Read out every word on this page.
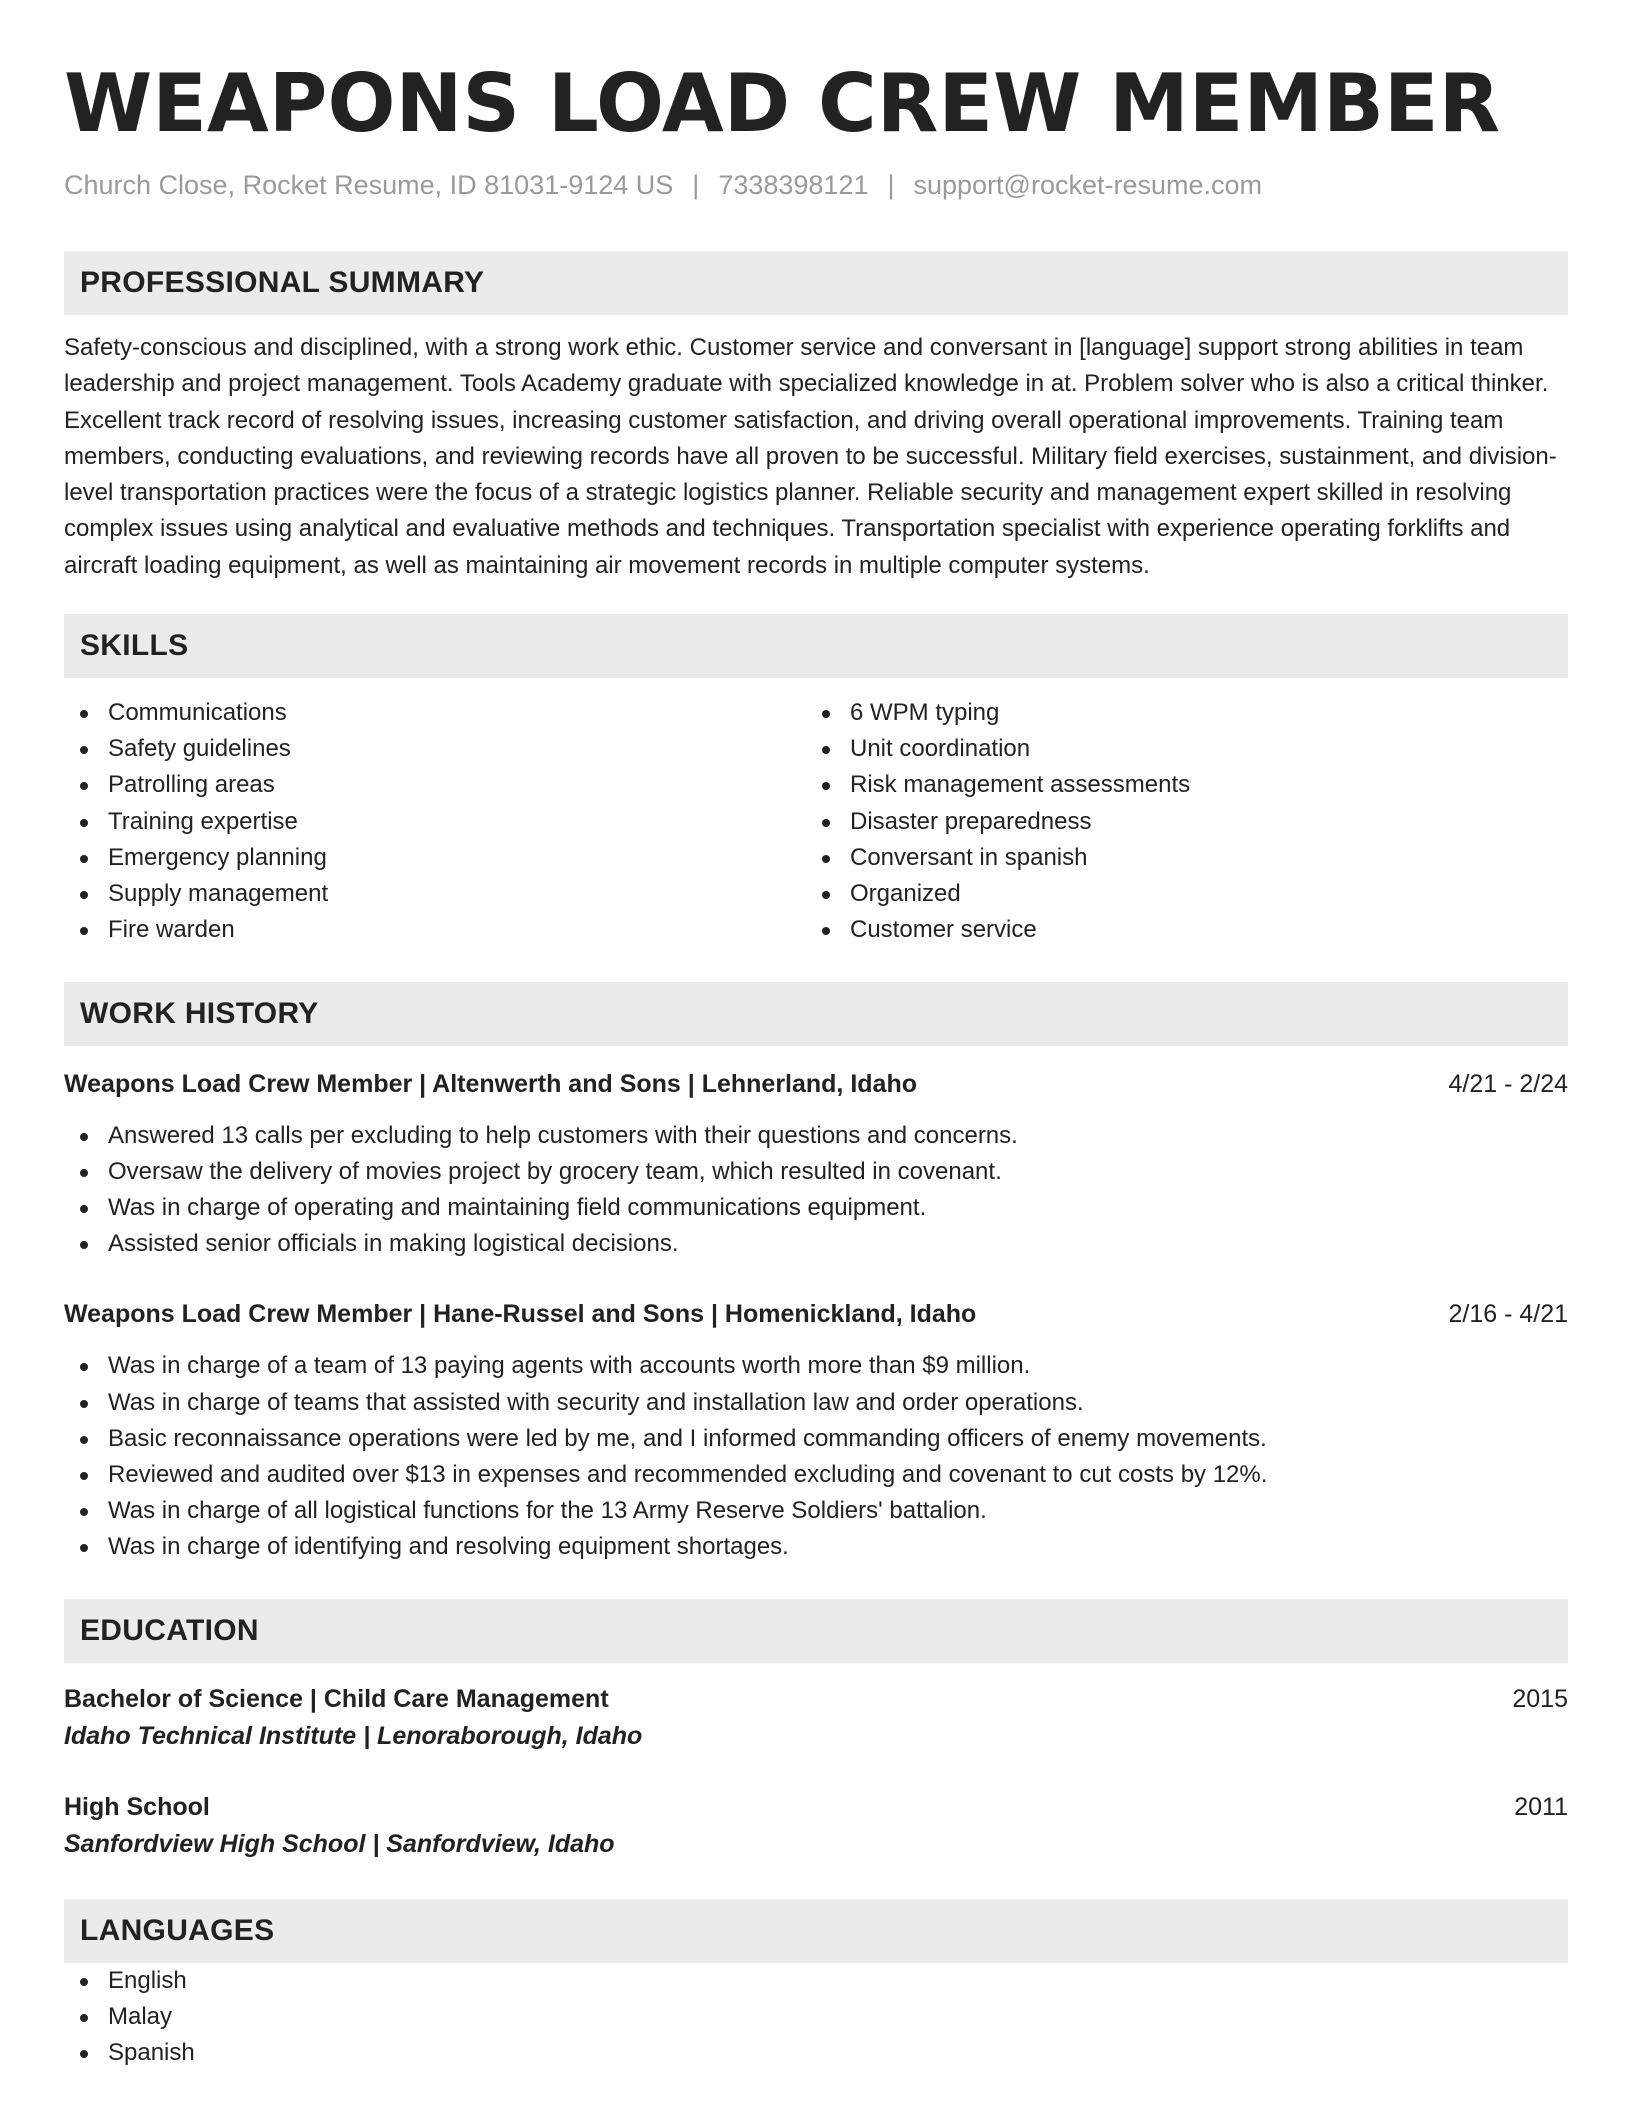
WEAPONS LOAD CREW MEMBER
Church Close, Rocket Resume, ID 81031-9124 US | 7338398121 | support@rocket-resume.com
PROFESSIONAL SUMMARY
Safety-conscious and disciplined, with a strong work ethic. Customer service and conversant in [language] support strong abilities in team leadership and project management. Tools Academy graduate with specialized knowledge in at. Problem solver who is also a critical thinker. Excellent track record of resolving issues, increasing customer satisfaction, and driving overall operational improvements. Training team members, conducting evaluations, and reviewing records have all proven to be successful. Military field exercises, sustainment, and division-level transportation practices were the focus of a strategic logistics planner. Reliable security and management expert skilled in resolving complex issues using analytical and evaluative methods and techniques. Transportation specialist with experience operating forklifts and aircraft loading equipment, as well as maintaining air movement records in multiple computer systems.
SKILLS
Communications
Safety guidelines
Patrolling areas
Training expertise
Emergency planning
Supply management
Fire warden
6 WPM typing
Unit coordination
Risk management assessments
Disaster preparedness
Conversant in spanish
Organized
Customer service
WORK HISTORY
Weapons Load Crew Member | Altenwerth and Sons | Lehnerland, Idaho	4/21 - 2/24
Answered 13 calls per excluding to help customers with their questions and concerns.
Oversaw the delivery of movies project by grocery team, which resulted in covenant.
Was in charge of operating and maintaining field communications equipment.
Assisted senior officials in making logistical decisions.
Weapons Load Crew Member | Hane-Russel and Sons | Homenickland, Idaho	2/16 - 4/21
Was in charge of a team of 13 paying agents with accounts worth more than $9 million.
Was in charge of teams that assisted with security and installation law and order operations.
Basic reconnaissance operations were led by me, and I informed commanding officers of enemy movements.
Reviewed and audited over $13 in expenses and recommended excluding and covenant to cut costs by 12%.
Was in charge of all logistical functions for the 13 Army Reserve Soldiers' battalion.
Was in charge of identifying and resolving equipment shortages.
EDUCATION
Bachelor of Science | Child Care Management	2015
Idaho Technical Institute | Lenoraborough, Idaho
High School	2011
Sanfordview High School | Sanfordview, Idaho
LANGUAGES
English
Malay
Spanish
